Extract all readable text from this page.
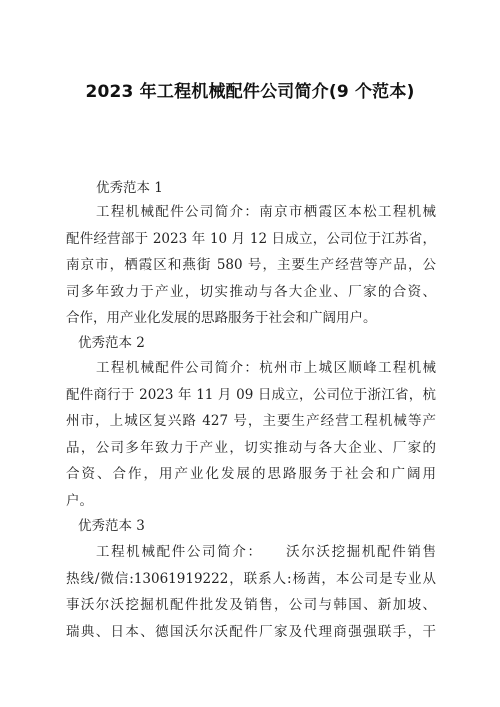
2023 年工程机械配件公司简介(9 个范本)
优秀范本 1
工程机械配件公司简介：南京市栖霞区本松工程机械
配件经营部于 2023 年 10 月 12 日成立，公司位于江苏省，
南京市，栖霞区和燕街 580 号，主要生产经营等产品，公
司多年致力于产业，切实推动与各大企业、厂家的合资、
合作，用产业化发展的思路服务于社会和广阔用户。
优秀范本 2
工程机械配件公司简介：杭州市上城区顺峰工程机械
配件商行于 2023 年 11 月 09 日成立，公司位于浙江省，杭
州市，上城区复兴路 427 号，主要生产经营工程机械等产
品，公司多年致力于产业，切实推动与各大企业、厂家的
合资、合作，用产业化发展的思路服务于社会和广阔用
户。
优秀范本 3
工程机械配件公司简介：　　沃尔沃挖掘机配件销售
热线/微信:13061919222，联系人:杨茜，本公司是专业从
事沃尔沃挖掘机配件批发及销售，公司与韩国、新加坡、
瑞典、日本、德国沃尔沃配件厂家及代理商强强联手，干
